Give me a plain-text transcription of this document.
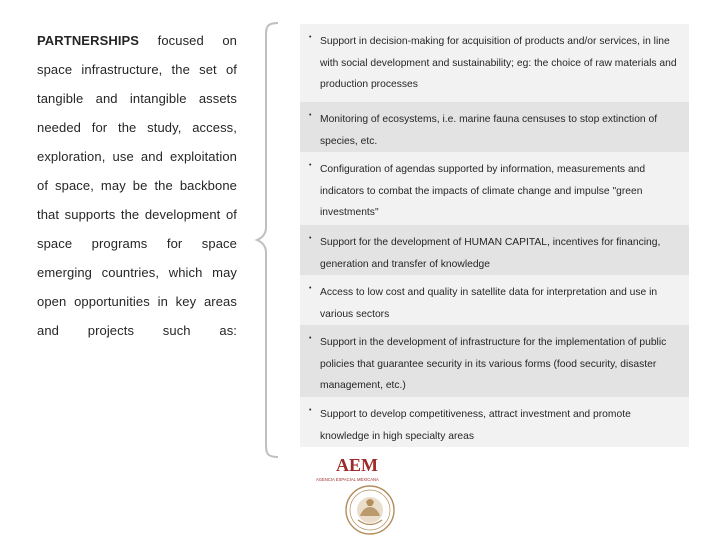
PARTNERSHIPS focused on space infrastructure, the set of tangible and intangible assets needed for the study, access, exploration, use and exploitation of space, may be the backbone that supports the development of space programs for space emerging countries, which may open opportunities in key areas and projects such as:
• Support in decision-making for acquisition of products and/or services, in line with social development and sustainability; eg: the choice of raw materials and production processes
• Monitoring of ecosystems, i.e. marine fauna censuses to stop extinction of species, etc.
• Configuration of agendas supported by information, measurements and indicators to combat the impacts of climate change and impulse "green investments"
• Support for the development of HUMAN CAPITAL, incentives for financing, generation and transfer of knowledge
• Access to low cost and quality in satellite data for interpretation and use in various sectors
• Support in the development of infrastructure for the implementation of public policies that guarantee security in its various forms (food security, disaster management, etc.)
• Support to develop competitiveness, attract investment and promote knowledge in high specialty areas
AEM
AGENCIA ESPACIAL MEXICANA
